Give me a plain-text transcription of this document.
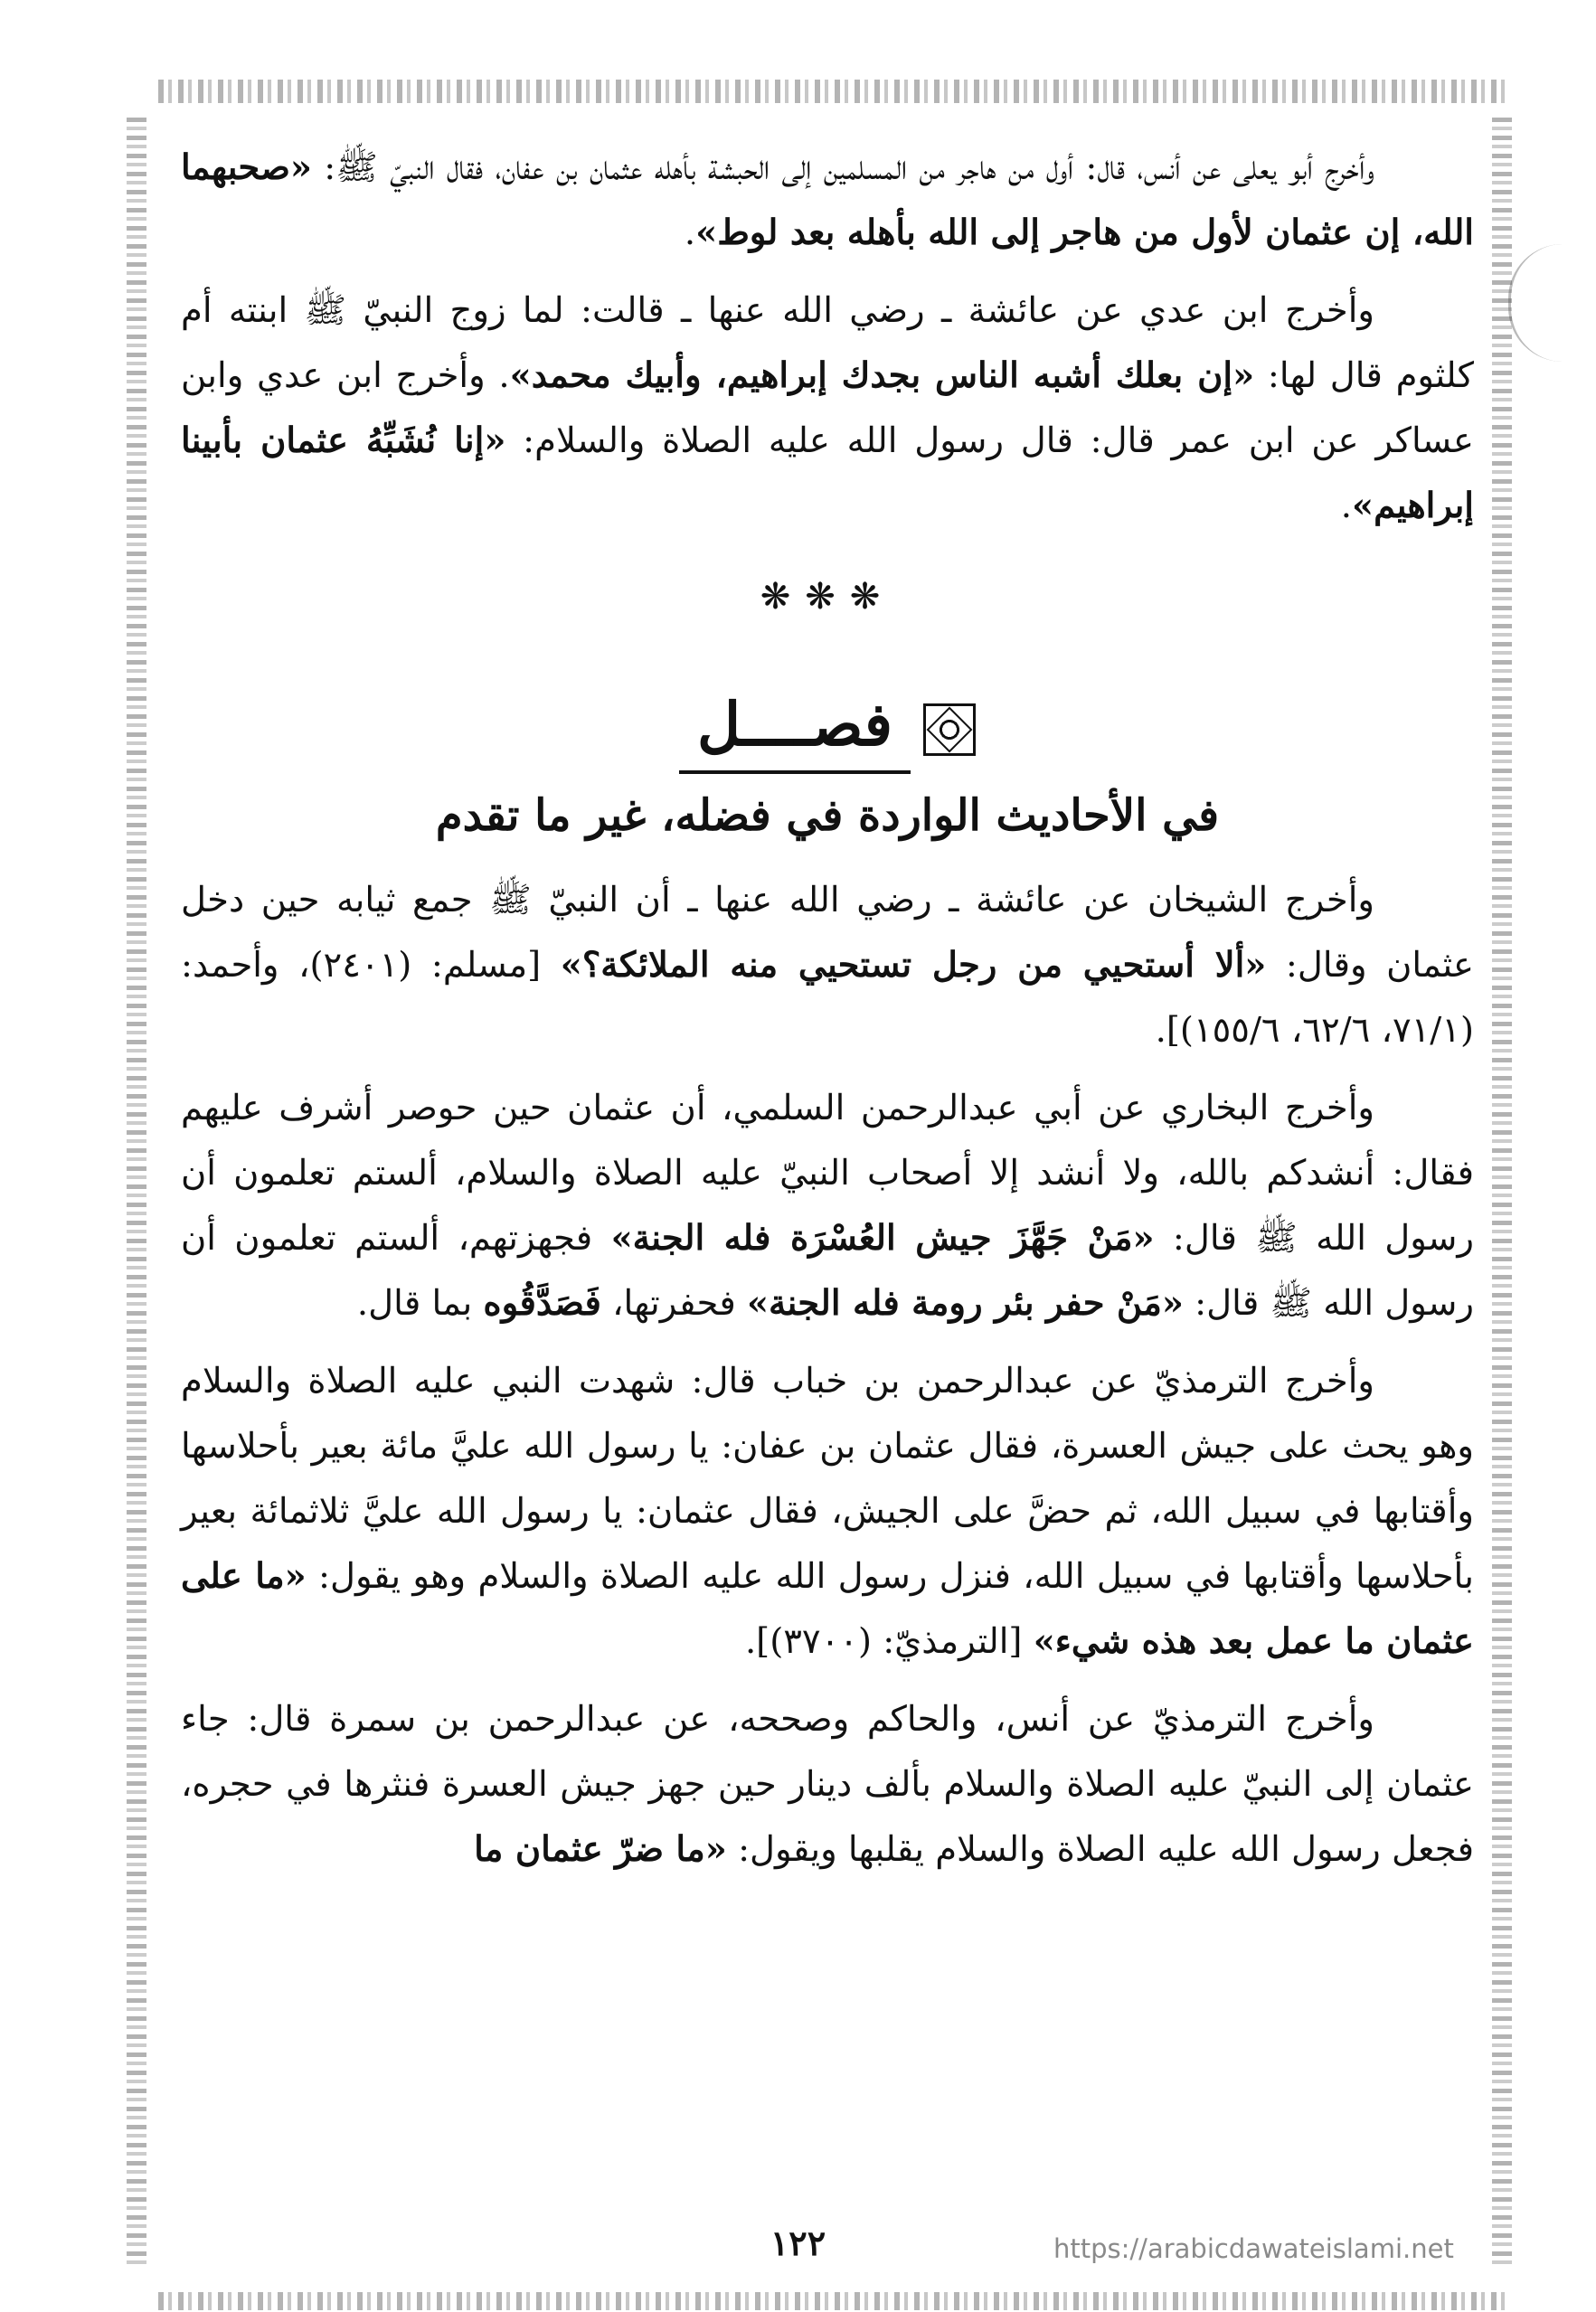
وأخرج أبو يعلى عن أنس، قال: أول من هاجر من المسلمين إلى الحبشة بأهله عثمان بن عفان، فقال النبيّ ﷺ: «صحبهما الله، إن عثمان لأول من هاجر إلى الله بأهله بعد لوط».

وأخرج ابن عدي عن عائشة ـ رضي الله عنها ـ قالت: لما زوج النبيّ ﷺ ابنته أم كلثوم قال لها: «إن بعلك أشبه الناس بجدك إبراهيم، وأبيك محمد». وأخرج ابن عدي وابن عساكر عن ابن عمر قال: قال رسول الله عليه الصلاة والسلام: «إنا نُشَبِّهُ عثمان بأبينا إبراهيم».

❋❋❋
فصــــل
في الأحاديث الواردة في فضله، غير ما تقدم

وأخرج الشيخان عن عائشة ـ رضي الله عنها ـ أن النبيّ ﷺ جمع ثيابه حين دخل عثمان وقال: «ألا أستحيي من رجل تستحيي منه الملائكة؟» [مسلم: (٢٤٠١)، وأحمد: (٧١/١، ٦٢/٦، ١٥٥/٦)].

وأخرج البخاري عن أبي عبدالرحمن السلمي، أن عثمان حين حوصر أشرف عليهم فقال: أنشدكم بالله، ولا أنشد إلا أصحاب النبيّ عليه الصلاة والسلام، ألستم تعلمون أن رسول الله ﷺ قال: «مَنْ جَهَّزَ جيش العُسْرَة فله الجنة» فجهزتهم، ألستم تعلمون أن رسول الله ﷺ قال: «مَنْ حفر بئر رومة فله الجنة» فحفرتها، فَصَدَّقُوه بما قال.

وأخرج الترمذيّ عن عبدالرحمن بن خباب قال: شهدت النبي عليه الصلاة والسلام وهو يحث على جيش العسرة، فقال عثمان بن عفان: يا رسول الله عليَّ مائة بعير بأحلاسها وأقتابها في سبيل الله، ثم حضَّ على الجيش، فقال عثمان: يا رسول الله عليَّ ثلاثمائة بعير بأحلاسها وأقتابها في سبيل الله، فنزل رسول الله عليه الصلاة والسلام وهو يقول: «ما على عثمان ما عمل بعد هذه شيء» [الترمذيّ: (٣٧٠٠)].

وأخرج الترمذيّ عن أنس، والحاكم وصححه، عن عبدالرحمن بن سمرة قال: جاء عثمان إلى النبيّ عليه الصلاة والسلام بألف دينار حين جهز جيش العسرة فنثرها في حجره، فجعل رسول الله عليه الصلاة والسلام يقلبها ويقول: «ما ضرّ عثمان ما

١٢٢	https://arabicdawateislami.net
